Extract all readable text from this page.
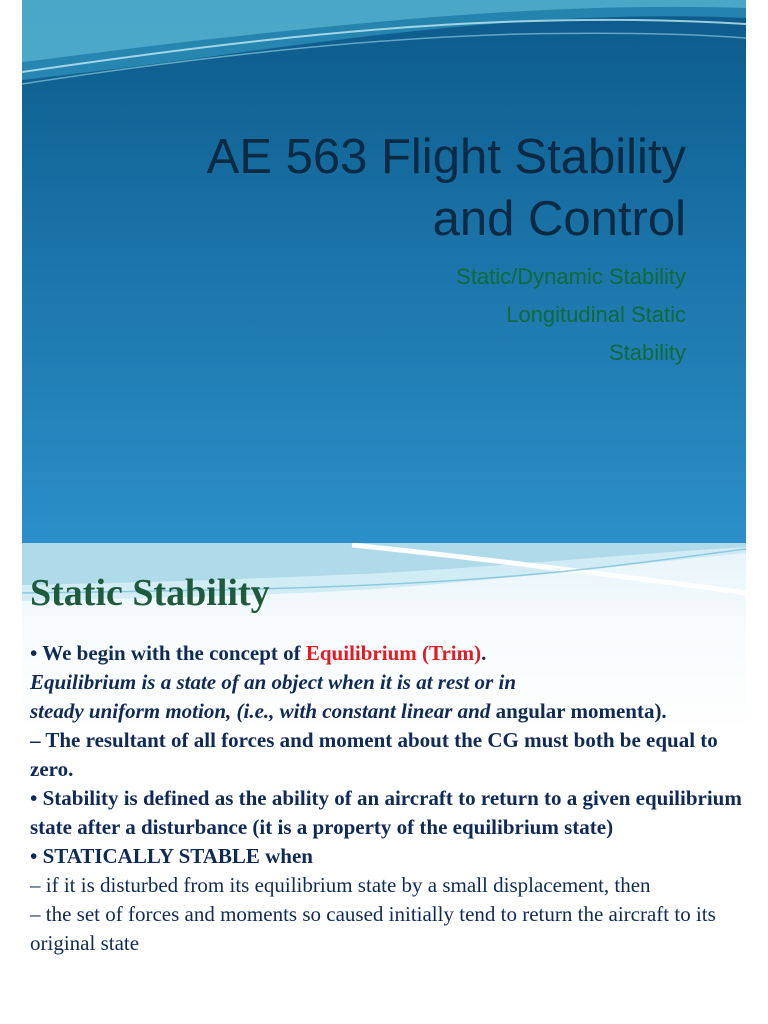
AE 563 Flight Stability
and Control
Static/Dynamic Stability
Longitudinal Static
Stability
Static Stability

• We begin with the concept of Equilibrium (Trim).

Equilibrium is a state of an object when it is at rest or in
steady uniform motion, (i.e., with constant linear and angular momenta).

– The resultant of all forces and moment about the CG must both be equal to zero.

• Stability is defined as the ability of an aircraft to return to a given equilibrium state after a disturbance (it is a property of the equilibrium state)

• STATICALLY STABLE when

– if it is disturbed from its equilibrium state by a small displacement, then

– the set of forces and moments so caused initially tend to return the aircraft to its original state
